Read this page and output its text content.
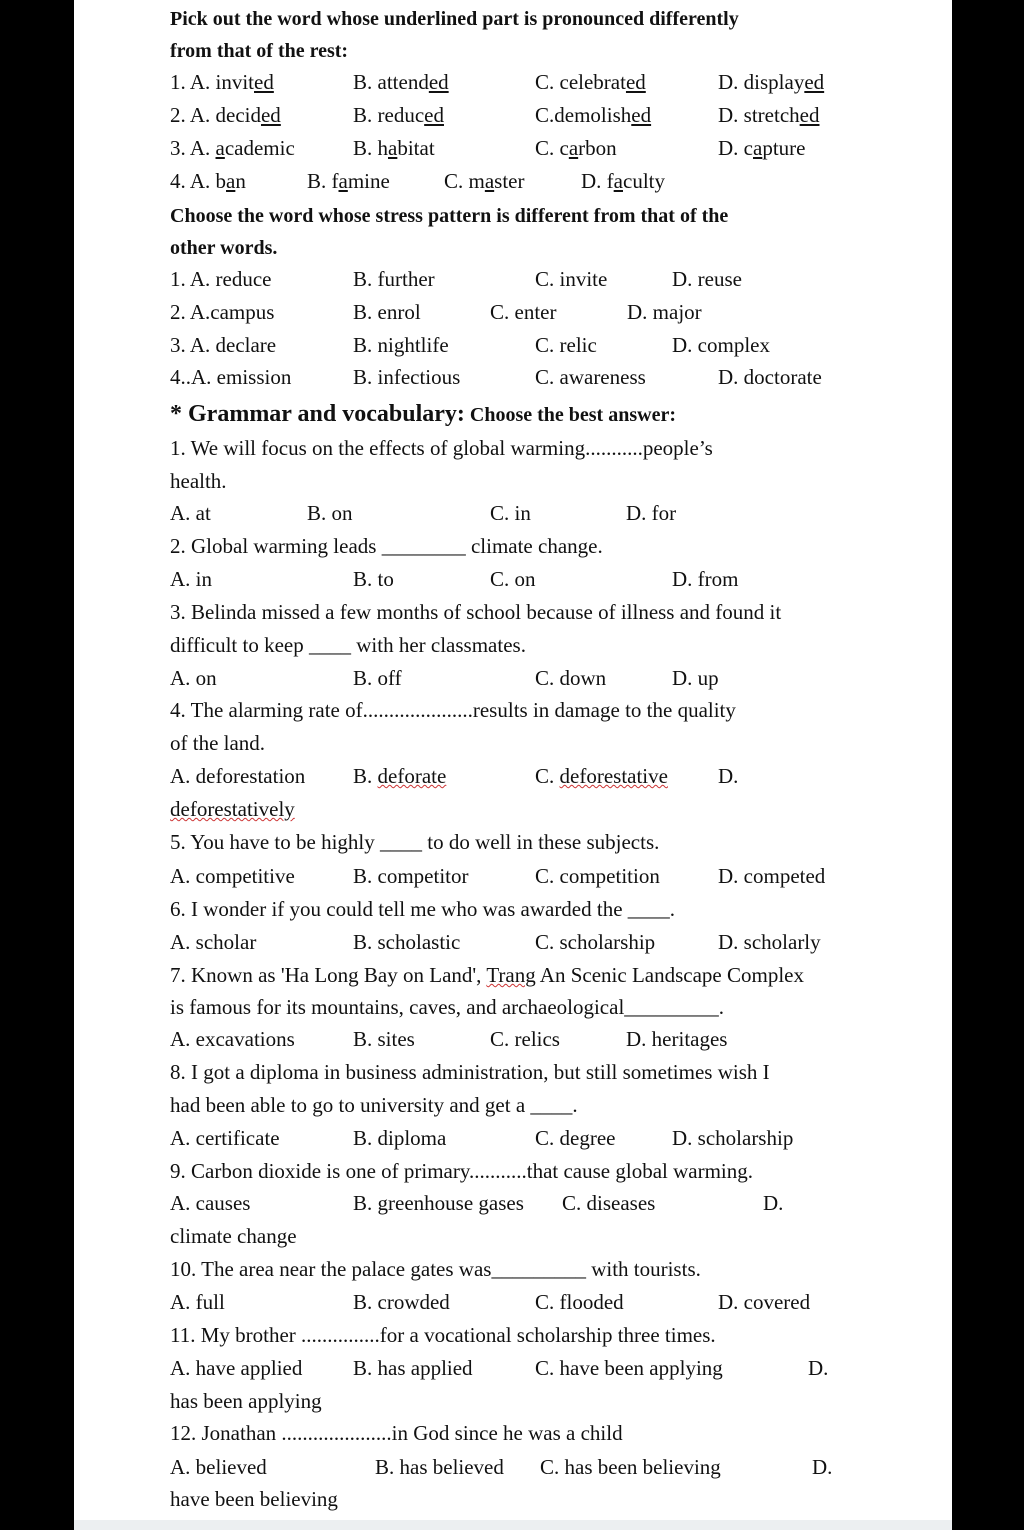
Pick out the word whose underlined part is pronounced differently
from that of the rest:
1. A. invited	B. attended	C. celebrated	D. displayed
2. A. decided	B. reduced	C.demolished	D. stretched
3. A. academic	B. habitat	C. carbon	D. capture
4. A. ban	B. famine	C. master	D. faculty
Choose the word whose stress pattern is different from that of the
other words.
1. A. reduce	B. further	C. invite	D. reuse
2. A.campus	B. enrol	C. enter	D. major
3. A. declare	B. nightlife	C. relic	D. complex
4..A. emission	B. infectious	C. awareness	D. doctorate
* Grammar and vocabulary: Choose the best answer:
1. We will focus on the effects of global warming...........people’s
health.
A. at	B. on	C. in	D. for
2. Global warming leads ________ climate change.
A. in	B. to	C. on	D. from
3. Belinda missed a few months of school because of illness and found it
difficult to keep ____ with her classmates.
A. on	B. off	C. down	D. up
4. The alarming rate of.....................results in damage to the quality
of the land.
A. deforestation B. deforate	C. deforestative D.
deforestatively
5. You have to be highly ____ to do well in these subjects.
A. competitive	B. competitor	C. competition	D. competed
6. I wonder if you could tell me who was awarded the ____.
A. scholar	B. scholastic	C. scholarship	D. scholarly
7. Known as 'Ha Long Bay on Land', Trang An Scenic Landscape Complex
is famous for its mountains, caves, and archaeological_________.
A. excavations	B. sites	C. relics	D. heritages
8. I got a diploma in business administration, but still sometimes wish I
had been able to go to university and get a ____.
A. certificate	B. diploma	C. degree	D. scholarship
9. Carbon dioxide is one of primary...........that cause global warming.
A. causes	B. greenhouse gases C. diseases	D.
climate change
10. The area near the palace gates was_________ with tourists.
A. full	B. crowded	C. flooded	D. covered
11. My brother ...............for a vocational scholarship three times.
A. have applied B. has applied	C. have been applying	D.
has been applying
12. Jonathan .....................in God since he was a child
A. believed	B. has believed C. has been believing	D.
have been believing
